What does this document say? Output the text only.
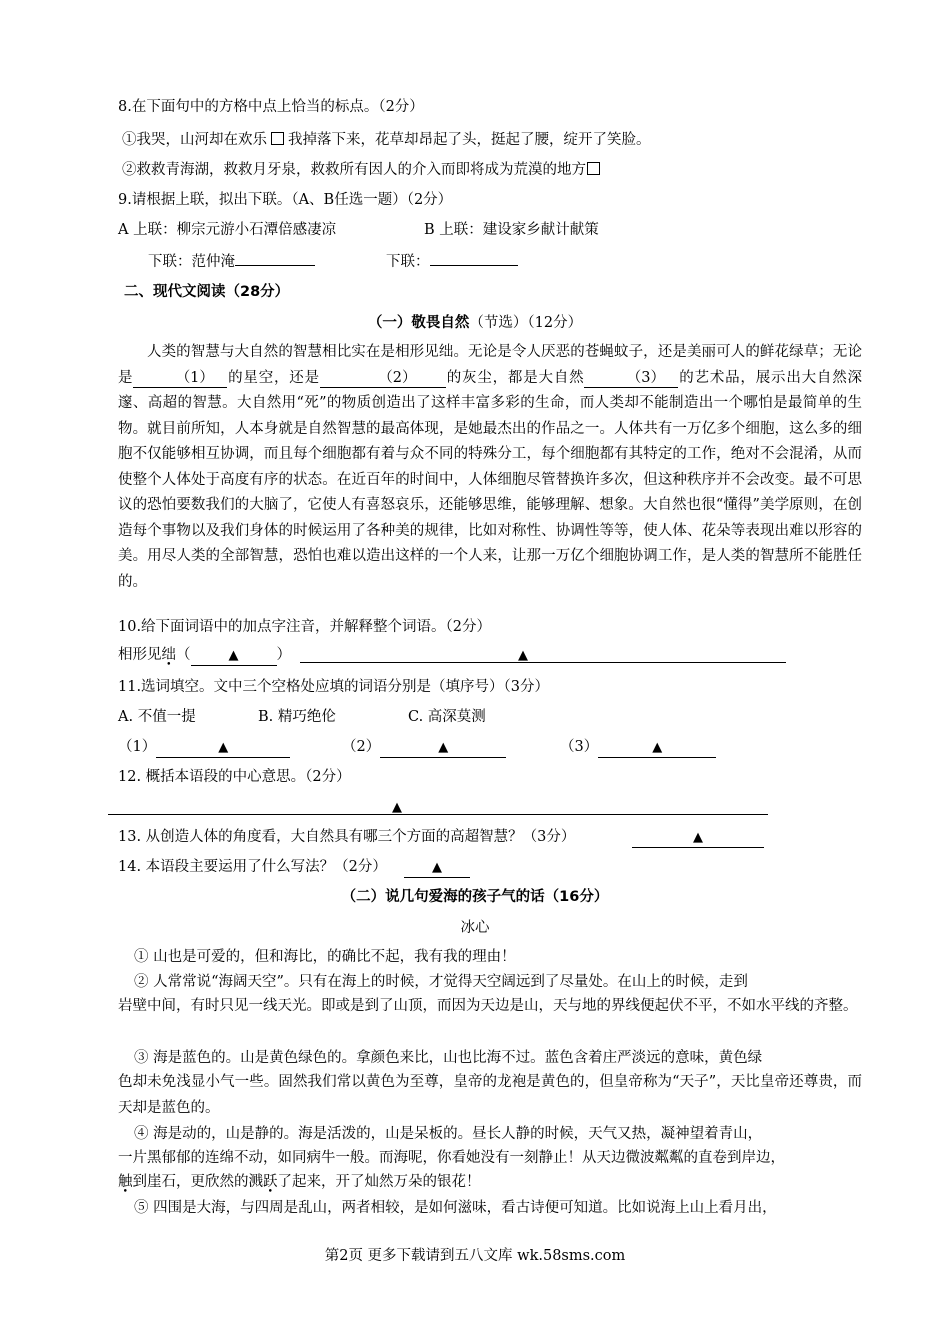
8.在下面句中的方格中点上恰当的标点。（2分）
①我哭，山河却在欢乐 我掉落下来，花草却昂起了头，挺起了腰，绽开了笑脸。
②救救青海湖，救救月牙泉，救救所有因人的介入而即将成为荒漠的地方
9.请根据上联，拟出下联。（A、B任选一题）（2分）
A 上联：柳宗元游小石潭倍感凄凉	B 上联：建设家乡献计献策
下联：范仲淹	下联：
二、现代文阅读（28分）
（一）敬畏自然（节选）（12分）
人类的智慧与大自然的智慧相比实在是相形见绌。无论是令人厌恶的苍蝇蚊子，还是美丽可人的鲜花绿草；无论是	（1） 的星空，还是	（2） 的灰尘，都是大自然	（3） 的艺术品，展示出大自然深邃、高超的智慧。大自然用“死”的物质创造出了这样丰富多彩的生命，而人类却不能制造出一个哪怕是最简单的生物。就目前所知，人本身就是自然智慧的最高体现，是她最杰出的作品之一。人体共有一万亿多个细胞，这么多的细胞不仅能够相互协调，而且每个细胞都有着与众不同的特殊分工，每个细胞都有其特定的工作，绝对不会混淆，从而使整个人体处于高度有序的状态。在近百年的时间中，人体细胞尽管替换许多次，但这种秩序并不会改变。最不可思议的恐怕要数我们的大脑了，它使人有喜怒哀乐，还能够思维，能够理解、想象。大自然也很“懂得”美学原则，在创造每个事物以及我们身体的时候运用了各种美的规律，比如对称性、协调性等等，使人体、花朵等表现出难以形容的美。用尽人类的全部智慧，恐怕也难以造出这样的一个人来，让那一万亿个细胞协调工作，是人类的智慧所不能胜任的。
10.给下面词语中的加点字注音，并解释整个词语。（2分）
相形见绌（	▲	）	▲
11.选词填空。文中三个空格处应填的词语分别是（填序号）（3分）
A. 不值一提	B. 精巧绝伦	C. 高深莫测
（1）	▲	（2）	▲	（3）	▲
12. 概括本语段的中心意思。（2分）
▲
13. 从创造人体的角度看，大自然具有哪三个方面的高超智慧？（3分）	▲
14. 本语段主要运用了什么写法？（2分）	▲
（二）说几句爱海的孩子气的话（16分）
冰心
① 山也是可爱的，但和海比，的确比不起，我有我的理由！
② 人常常说“海阔天空”。只有在海上的时候，才觉得天空阔远到了尽量处。在山上的时候，走到
岩壁中间，有时只见一线天光。即或是到了山顶，而因为天边是山，天与地的界线便起伏不平，不如水平线的齐整。
③ 海是蓝色的。山是黄色绿色的。拿颜色来比，山也比海不过。蓝色含着庄严淡远的意味，黄色绿
色却未免浅显小气一些。固然我们常以黄色为至尊，皇帝的龙袍是黄色的，但皇帝称为“天子”，天比皇帝还尊贵，而天却是蓝色的。
④ 海是动的，山是静的。海是活泼的，山是呆板的。昼长人静的时候，天气又热，凝神望着青山，
一片黑郁郁的连绵不动，如同病牛一般。而海呢，你看她没有一刻静止！从天边微波粼粼的直卷到岸边，
触到崖石，更欣然的溅跃了起来，开了灿然万朵的银花！
⑤ 四围是大海，与四周是乱山，两者相较，是如何滋味，看古诗便可知道。比如说海上山上看月出，
第2页 更多下载请到五八文库 wk.58sms.com
